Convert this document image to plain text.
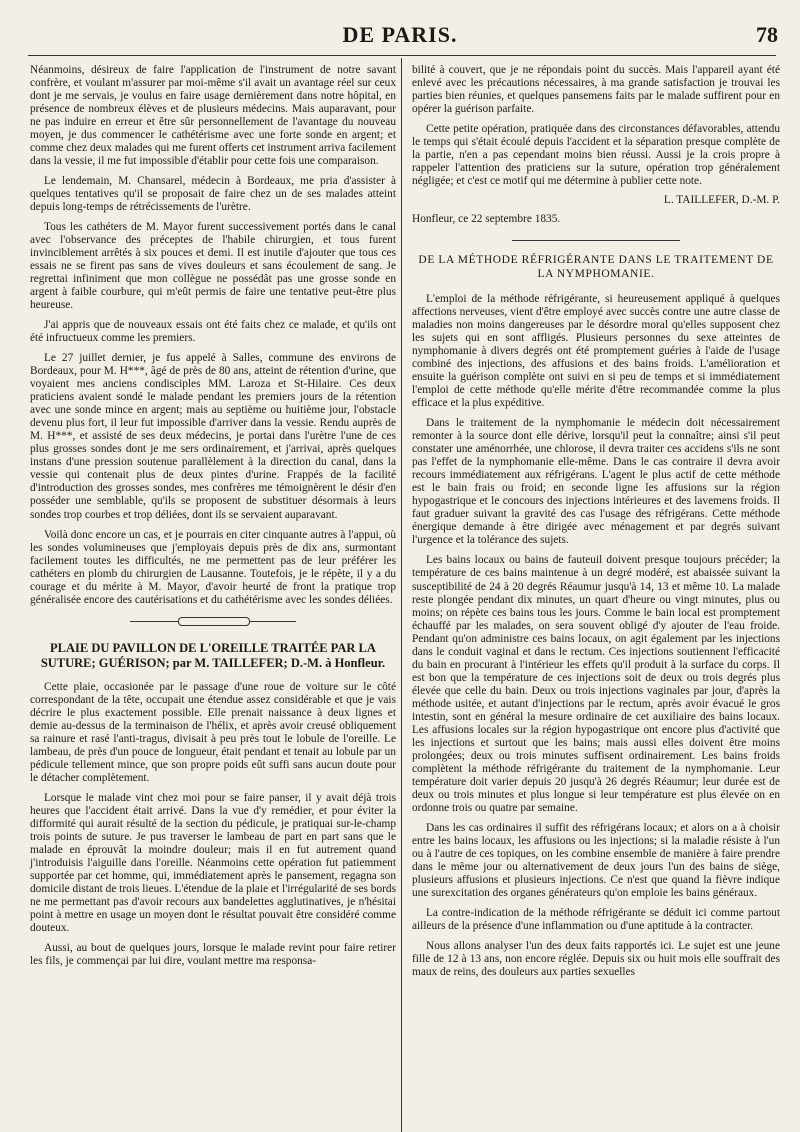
DE PARIS.	78

Néanmoins, désireux de faire l'application de l'instrument de notre savant confrère, et voulant m'assurer par moi-même s'il avait un avantage réel sur ceux dont je me servais, je voulus en faire usage dernièrement dans notre hôpital, en présence de nombreux élèves et de plusieurs médecins. Mais auparavant, pour ne pas induire en erreur et être sûr personnellement de l'avantage du nouveau moyen, je dus commencer le cathétérisme avec une forte sonde en argent; et comme chez deux malades qui me furent offerts cet instrument arriva facilement dans la vessie, il me fut impossible d'établir pour cette fois une comparaison.

Le lendemain, M. Chansarel, médecin à Bordeaux, me pria d'assister à quelques tentatives qu'il se proposait de faire chez un de ses malades atteint depuis long-temps de rétrécissements de l'urètre.

Tous les cathéters de M. Mayor furent successivement portés dans le canal avec l'observance des préceptes de l'habile chirurgien, et tous furent invinciblement arrêtés à six pouces et demi. Il est inutile d'ajouter que tous ces essais ne se firent pas sans de vives douleurs et sans écoulement de sang. Je regrettai infiniment que mon collègue ne possédât pas une grosse sonde en argent à faible courbure, qui m'eût permis de faire une tentative peut-être plus heureuse.

J'ai appris que de nouveaux essais ont été faits chez ce malade, et qu'ils ont été infructueux comme les premiers.

Le 27 juillet dernier, je fus appelé à Salles, commune des environs de Bordeaux, pour M. H***, âgé de près de 80 ans, atteint de rétention d'urine, que voyaient mes anciens condisciples MM. Laroza et St-Hilaire. Ces deux praticiens avaient sondé le malade pendant les premiers jours de la rétention avec une sonde mince en argent; mais au septième ou huitième jour, l'obstacle devenu plus fort, il leur fut impossible d'arriver dans la vessie. Rendu auprès de M. H***, et assisté de ses deux médecins, je portai dans l'urètre l'une de ces plus grosses sondes dont je me sers ordinairement, et j'arrivai, après quelques instans d'une pression soutenue parallèlement à la direction du canal, dans la vessie qui contenait plus de deux pintes d'urine. Frappés de la facilité d'introduction des grosses sondes, mes confrères me témoignèrent le désir d'en posséder une semblable, qu'ils se proposent de substituer désormais à leurs sondes trop courbes et trop déliées, dont ils se servaient auparavant.

Voilà donc encore un cas, et je pourrais en citer cinquante autres à l'appui, où les sondes volumineuses que j'employais depuis près de dix ans, surmontant facilement toutes les difficultés, ne me permettent pas de leur préférer les cathéters en plomb du chirurgien de Lausanne. Toutefois, je le répète, il y a du courage et du mérite à M. Mayor, d'avoir heurté de front la pratique trop généralisée encore des cautérisations et du cathétérisme avec les sondes déliées.

PLAIE DU PAVILLON DE L'OREILLE TRAITÉE PAR LA SUTURE; GUÉRISON; par M. TAILLEFER; D.-M. à Honfleur.

Cette plaie, occasionée par le passage d'une roue de voiture sur le côté correspondant de la tête, occupait une étendue assez considérable et que je vais décrire le plus exactement possible. Elle prenait naissance à deux lignes et demie au-dessus de la terminaison de l'hélix, et après avoir creusé obliquement sa rainure et rasé l'anti-tragus, divisait à peu près tout le lobule de l'oreille. Le lambeau, de près d'un pouce de longueur, était pendant et tenait au lobule par un pédicule tellement mince, que son propre poids eût suffi sans aucun doute pour le détacher complètement.

Lorsque le malade vint chez moi pour se faire panser, il y avait déjà trois heures que l'accident était arrivé. Dans la vue d'y remédier, et pour éviter la difformité qui aurait résulté de la section du pédicule, je pratiquai sur-le-champ trois points de suture. Je pus traverser le lambeau de part en part sans que le malade en éprouvât la moindre douleur; mais il en fut autrement quand j'introduisis l'aiguille dans l'oreille. Néanmoins cette opération fut patiemment supportée par cet homme, qui, immédiatement après le pansement, regagna son domicile distant de trois lieues. L'étendue de la plaie et l'irrégularité de ses bords ne me permettant pas d'avoir recours aux bandelettes agglutinatives, je n'hésitai point à mettre en usage un moyen dont le résultat pouvait être considéré comme douteux.

Aussi, au bout de quelques jours, lorsque le malade revint pour faire retirer les fils, je commençai par lui dire, voulant mettre ma responsa-

bilité à couvert, que je ne répondais point du succès. Mais l'appareil ayant été enlevé avec les précautions nécessaires, à ma grande satisfaction je trouvai les parties bien réunies, et quelques pansemens faits par le malade suffirent pour en opérer la guérison parfaite.

Cette petite opération, pratiquée dans des circonstances défavorables, attendu le temps qui s'était écoulé depuis l'accident et la séparation presque complète de la partie, n'en a pas cependant moins bien réussi. Aussi je la crois propre à rappeler l'attention des praticiens sur la suture, opération trop généralement négligée; et c'est ce motif qui me détermine à publier cette note.

L. TAILLEFER, D.-M. P.
Honfleur, ce 22 septembre 1835.
DE LA MÉTHODE RÉFRIGÉRANTE DANS LE TRAITEMENT DE LA NYMPHOMANIE.

L'emploi de la méthode réfrigérante, si heureusement appliqué à quelques affections nerveuses, vient d'être employé avec succès contre une autre classe de maladies non moins dangereuses par le désordre moral qu'elles supposent chez les sujets qui en sont affligés. Plusieurs personnes du sexe atteintes de nymphomanie à divers degrés ont été promptement guéries à l'aide de l'usage combiné des injections, des affusions et des bains froids. L'amélioration et ensuite la guérison complète ont suivi en si peu de temps et si immédiatement l'emploi de cette méthode qu'elle mérite d'être recommandée comme la plus efficace et la plus expéditive.

Dans le traitement de la nymphomanie le médecin doit nécessairement remonter à la source dont elle dérive, lorsqu'il peut la connaître; ainsi s'il peut constater une aménorrhée, une chlorose, il devra traiter ces accidens s'ils ne sont pas l'effet de la nymphomanie elle-même. Dans le cas contraire il devra avoir recours immédiatement aux réfrigérans. L'agent le plus actif de cette méthode est le bain frais ou froid; en seconde ligne les affusions sur la région hypogastrique et le concours des injections intérieures et des lavemens froids. Il faut graduer suivant la gravité des cas l'usage des réfrigérans. Cette méthode énergique demande à être dirigée avec ménagement et par degrés suivant l'urgence et la tolérance des sujets.

Les bains locaux ou bains de fauteuil doivent presque toujours précéder; la température de ces bains maintenue à un degré modéré, est abaissée suivant la susceptibilité de 24 à 20 degrés Réaumur jusqu'à 14, 13 et même 10. La malade reste plongée pendant dix minutes, un quart d'heure ou vingt minutes, plus ou moins; on répète ces bains tous les jours. Comme le bain local est promptement échauffé par les malades, on sera souvent obligé d'y ajouter de l'eau froide. Pendant qu'on administre ces bains locaux, on agit également par les injections dans le conduit vaginal et dans le rectum. Ces injections soutiennent l'efficacité du bain en procurant à l'intérieur les effets qu'il produit à la surface du corps. Il est bon que la température de ces injections soit de deux ou trois degrés plus élevée que celle du bain. Deux ou trois injections vaginales par jour, d'après la méthode usitée, et autant d'injections par le rectum, après avoir évacué le gros intestin, sont en général la mesure ordinaire de cet auxiliaire des bains locaux. Les affusions locales sur la région hypogastrique ont encore plus d'activité que les injections et surtout que les bains; mais aussi elles doivent être moins prolongées; deux ou trois minutes suffisent ordinairement. Les bains froids complètent la méthode réfrigérante du traitement de la nymphomanie. Leur température doit varier depuis 20 jusqu'à 26 degrés Réaumur; leur durée est de deux ou trois minutes et plus longue si leur température est plus élevée on en ordonne trois ou quatre par semaine.

Dans les cas ordinaires il suffit des réfrigérans locaux; et alors on a à choisir entre les bains locaux, les affusions ou les injections; si la maladie résiste à l'un ou à l'autre de ces topiques, on les combine ensemble de manière à faire prendre dans le même jour ou alternativement de deux jours l'un des bains de siège, plusieurs affusions et plusieurs injections. Ce n'est que quand la fièvre indique une surexcitation des organes générateurs qu'on emploie les bains généraux.

La contre-indication de la méthode réfrigérante se déduit ici comme partout ailleurs de la présence d'une inflammation ou d'une aptitude à la contracter.

Nous allons analyser l'un des deux faits rapportés ici. Le sujet est une jeune fille de 12 à 13 ans, non encore réglée. Depuis six ou huit mois elle souffrait des maux de reins, des douleurs aux parties sexuelles
